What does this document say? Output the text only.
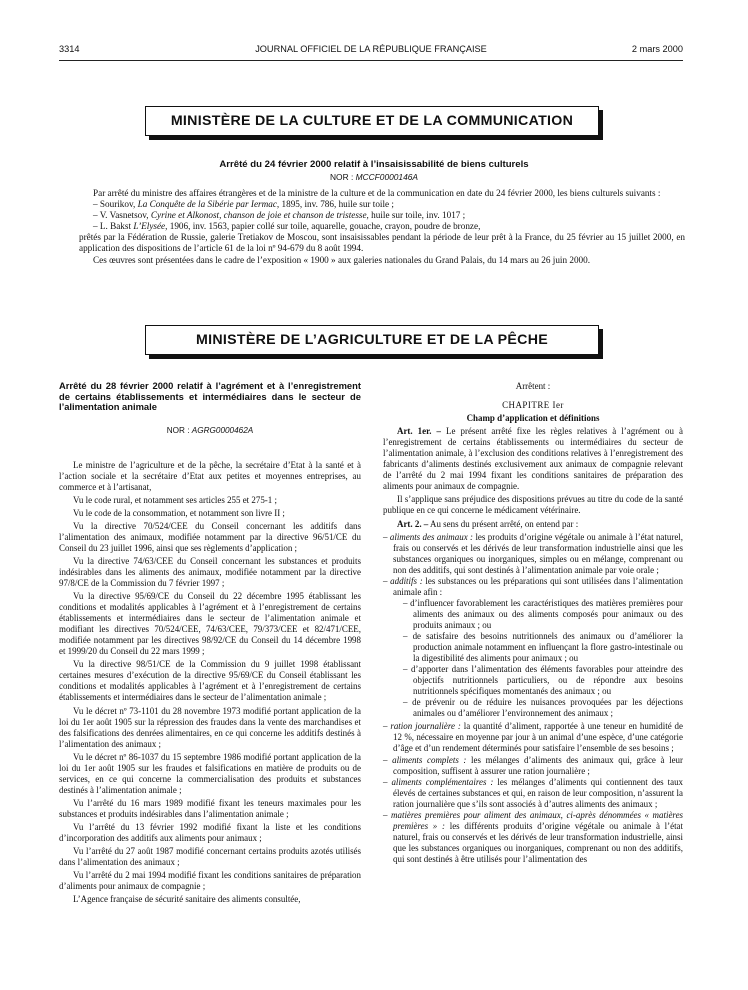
3314	JOURNAL OFFICIEL DE LA RÉPUBLIQUE FRANÇAISE	2 mars 2000
MINISTÈRE DE LA CULTURE ET DE LA COMMUNICATION
Arrêté du 24 février 2000 relatif à l’insaisissabilité de biens culturels
NOR : MCCF0000146A

Par arrêté du ministre des affaires étrangères et de la ministre de la culture et de la communication en date du 24 février 2000, les biens culturels suivants :

– Sourikov, La Conquête de la Sibérie par Iermac, 1895, inv. 786, huile sur toile ;

– V. Vasnetsov, Cyrine et Alkonost, chanson de joie et chanson de tristesse, huile sur toile, inv. 1017 ;

– L. Bakst L’Elysée, 1906, inv. 1563, papier collé sur toile, aquarelle, gouache, crayon, poudre de bronze,

prêtés par la Fédération de Russie, galerie Tretiakov de Moscou, sont insaisissables pendant la période de leur prêt à la France, du 25 février au 15 juillet 2000, en application des dispositions de l’article 61 de la loi nº 94-679 du 8 août 1994.

Ces œuvres sont présentées dans le cadre de l’exposition « 1900 » aux galeries nationales du Grand Palais, du 14 mars au 26 juin 2000.

MINISTÈRE DE L’AGRICULTURE ET DE LA PÊCHE

Arrêté du 28 février 2000 relatif à l’agrément et à l’enregistrement de certains établissements et intermédiaires dans le secteur de l’alimentation animale

NOR : AGRG0000462A

Le ministre de l’agriculture et de la pêche, la secrétaire d’Etat à la santé et à l’action sociale et la secrétaire d’Etat aux petites et moyennes entreprises, au commerce et à l’artisanat,

Vu le code rural, et notamment ses articles 255 et 275-1 ;

Vu le code de la consommation, et notamment son livre II ;

Vu la directive 70/524/CEE du Conseil concernant les additifs dans l’alimentation des animaux, modifiée notamment par la directive 96/51/CE du Conseil du 23 juillet 1996, ainsi que ses règlements d’application ;

Vu la directive 74/63/CEE du Conseil concernant les substances et produits indésirables dans les aliments des animaux, modifiée notamment par la directive 97/8/CE de la Commission du 7 février 1997 ;

Vu la directive 95/69/CE du Conseil du 22 décembre 1995 établissant les conditions et modalités applicables à l’agrément et à l’enregistrement de certains établissements et intermédiaires dans le secteur de l’alimentation animale et modifiant les directives 70/524/CEE, 74/63/CEE, 79/373/CEE et 82/471/CEE, modifiée notamment par les directives 98/92/CE du Conseil du 14 décembre 1998 et 1999/20 du Conseil du 22 mars 1999 ;

Vu la directive 98/51/CE de la Commission du 9 juillet 1998 établissant certaines mesures d’exécution de la directive 95/69/CE du Conseil établissant les conditions et modalités applicables à l’agrément et à l’enregistrement de certains établissements et intermédiaires dans le secteur de l’alimentation animale ;

Vu le décret nº 73-1101 du 28 novembre 1973 modifié portant application de la loi du 1er août 1905 sur la répression des fraudes dans la vente des marchandises et des falsifications des denrées alimentaires, en ce qui concerne les additifs destinés à l’alimentation des animaux ;

Vu le décret nº 86-1037 du 15 septembre 1986 modifié portant application de la loi du 1er août 1905 sur les fraudes et falsifications en matière de produits ou de services, en ce qui concerne la commercialisation des produits et substances destinés à l’alimentation animale ;

Vu l’arrêté du 16 mars 1989 modifié fixant les teneurs maximales pour les substances et produits indésirables dans l’alimentation animale ;

Vu l’arrêté du 13 février 1992 modifié fixant la liste et les conditions d’incorporation des additifs aux aliments pour animaux ;

Vu l’arrêté du 27 août 1987 modifié concernant certains produits azotés utilisés dans l’alimentation des animaux ;

Vu l’arrêté du 2 mai 1994 modifié fixant les conditions sanitaires de préparation d’aliments pour animaux de compagnie ;

L’Agence française de sécurité sanitaire des aliments consultée,

Arrêtent :

CHAPITRE Ier

Champ d’application et définitions

Art. 1er. – Le présent arrêté fixe les règles relatives à l’agrément ou à l’enregistrement de certains établissements ou intermédiaires du secteur de l’alimentation animale, à l’exclusion des conditions relatives à l’enregistrement des fabricants d’aliments destinés exclusivement aux animaux de compagnie relevant de l’arrêté du 2 mai 1994 fixant les conditions sanitaires de préparation des aliments pour animaux de compagnie.

Il s’applique sans préjudice des dispositions prévues au titre du code de la santé publique en ce qui concerne le médicament vétérinaire.

Art. 2. – Au sens du présent arrêté, on entend par :

– aliments des animaux : les produits d’origine végétale ou animale à l’état naturel, frais ou conservés et les dérivés de leur transformation industrielle ainsi que les substances organiques ou inorganiques, simples ou en mélange, comprenant ou non des additifs, qui sont destinés à l’alimentation animale par voie orale ;
– additifs : les substances ou les préparations qui sont utilisées dans l’alimentation animale afin :
– d’influencer favorablement les caractéristiques des matières premières pour aliments des animaux ou des aliments composés pour animaux ou des produits animaux ; ou
– de satisfaire des besoins nutritionnels des animaux ou d’améliorer la production animale notamment en influençant la flore gastro-intestinale ou la digestibilité des aliments pour animaux ; ou
– d’apporter dans l’alimentation des éléments favorables pour atteindre des objectifs nutritionnels particuliers, ou de répondre aux besoins nutritionnels spécifiques momentanés des animaux ; ou
– de prévenir ou de réduire les nuisances provoquées par les déjections animales ou d’améliorer l’environnement des animaux ;
– ration journalière : la quantité d’aliment, rapportée à une teneur en humidité de 12 %, nécessaire en moyenne par jour à un animal d’une espèce, d’une catégorie d’âge et d’un rendement déterminés pour satisfaire l’ensemble de ses besoins ;
– aliments complets : les mélanges d’aliments des animaux qui, grâce à leur composition, suffisent à assurer une ration journalière ;
– aliments complémentaires : les mélanges d’aliments qui contiennent des taux élevés de certaines substances et qui, en raison de leur composition, n’assurent la ration journalière que s’ils sont associés à d’autres aliments des animaux ;
– matières premières pour aliment des animaux, ci-après dénommées « matières premières » : les différents produits d’origine végétale ou animale à l’état naturel, frais ou conservés et les dérivés de leur transformation industrielle, ainsi que les substances organiques ou inorganiques, comprenant ou non des additifs, qui sont destinés à être utilisés pour l’alimentation des
